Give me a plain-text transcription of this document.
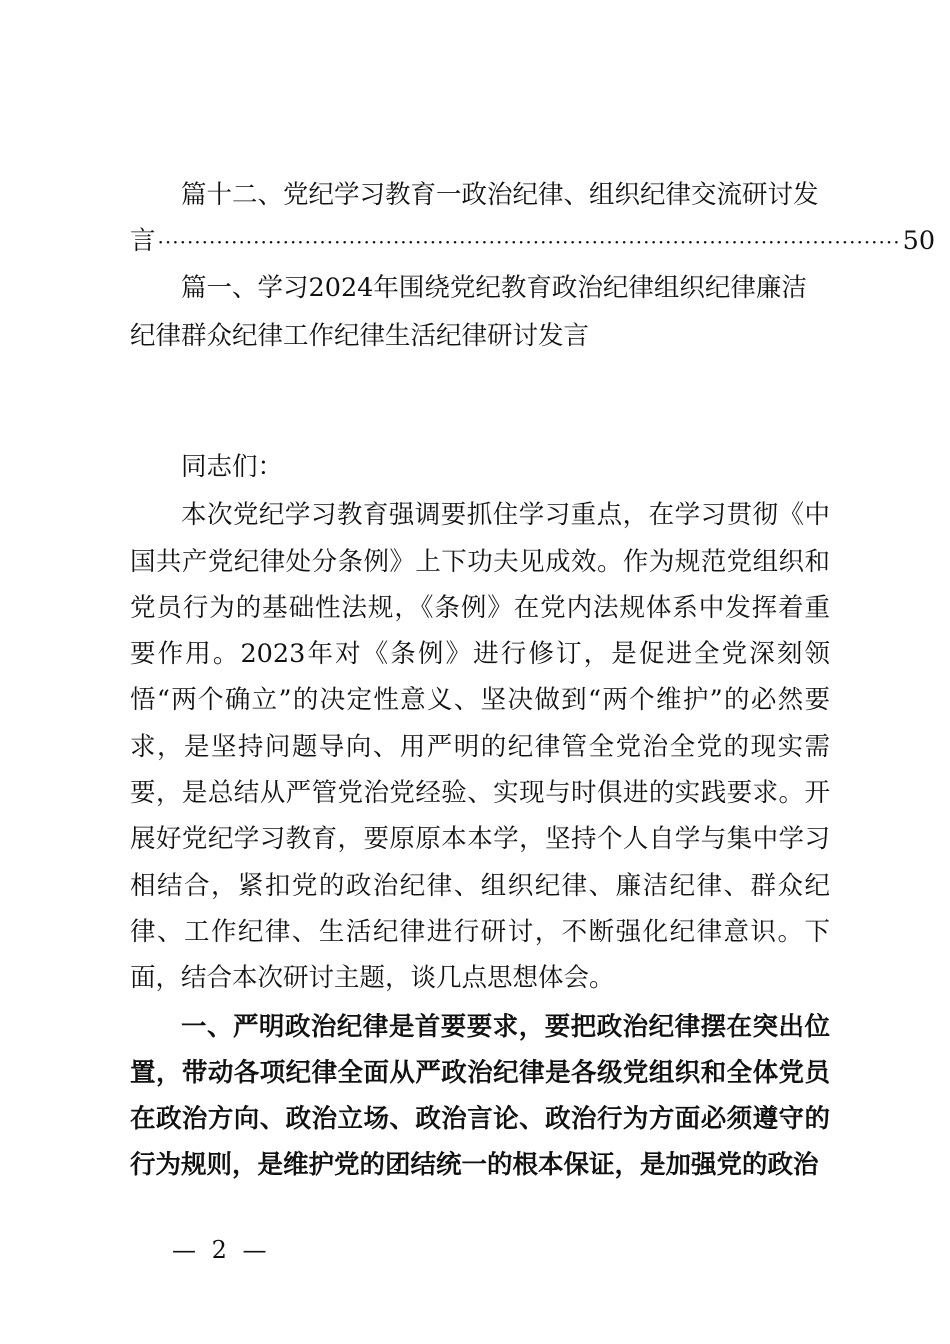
篇十二、党纪学习教育一政治纪律、组织纪律交流研讨发
言 ····································································································· 50
篇一、学习2024年围绕党纪教育政治纪律组织纪律廉洁纪律群众纪律工作纪律生活纪律研讨发言

同志们：

本次党纪学习教育强调要抓住学习重点，在学习贯彻《中国共产党纪律处分条例》上下功夫见成效。作为规范党组织和党员行为的基础性法规，《条例》在党内法规体系中发挥着重要作用。2023年对《条例》进行修订，是促进全党深刻领悟“两个确立”的决定性意义、坚决做到“两个维护”的必然要求，是坚持问题导向、用严明的纪律管全党治全党的现实需要，是总结从严管党治党经验、实现与时俱进的实践要求。开展好党纪学习教育，要原原本本学，坚持个人自学与集中学习相结合，紧扣党的政治纪律、组织纪律、廉洁纪律、群众纪律、工作纪律、生活纪律进行研讨，不断强化纪律意识。下面，结合本次研讨主题，谈几点思想体会。

一、严明政治纪律是首要要求，要把政治纪律摆在突出位置，带动各项纪律全面从严政治纪律是各级党组织和全体党员在政治方向、政治立场、政治言论、政治行为方面必须遵守的行为规则，是维护党的团结统一的根本保证，是加强党的政治

— 2 —
